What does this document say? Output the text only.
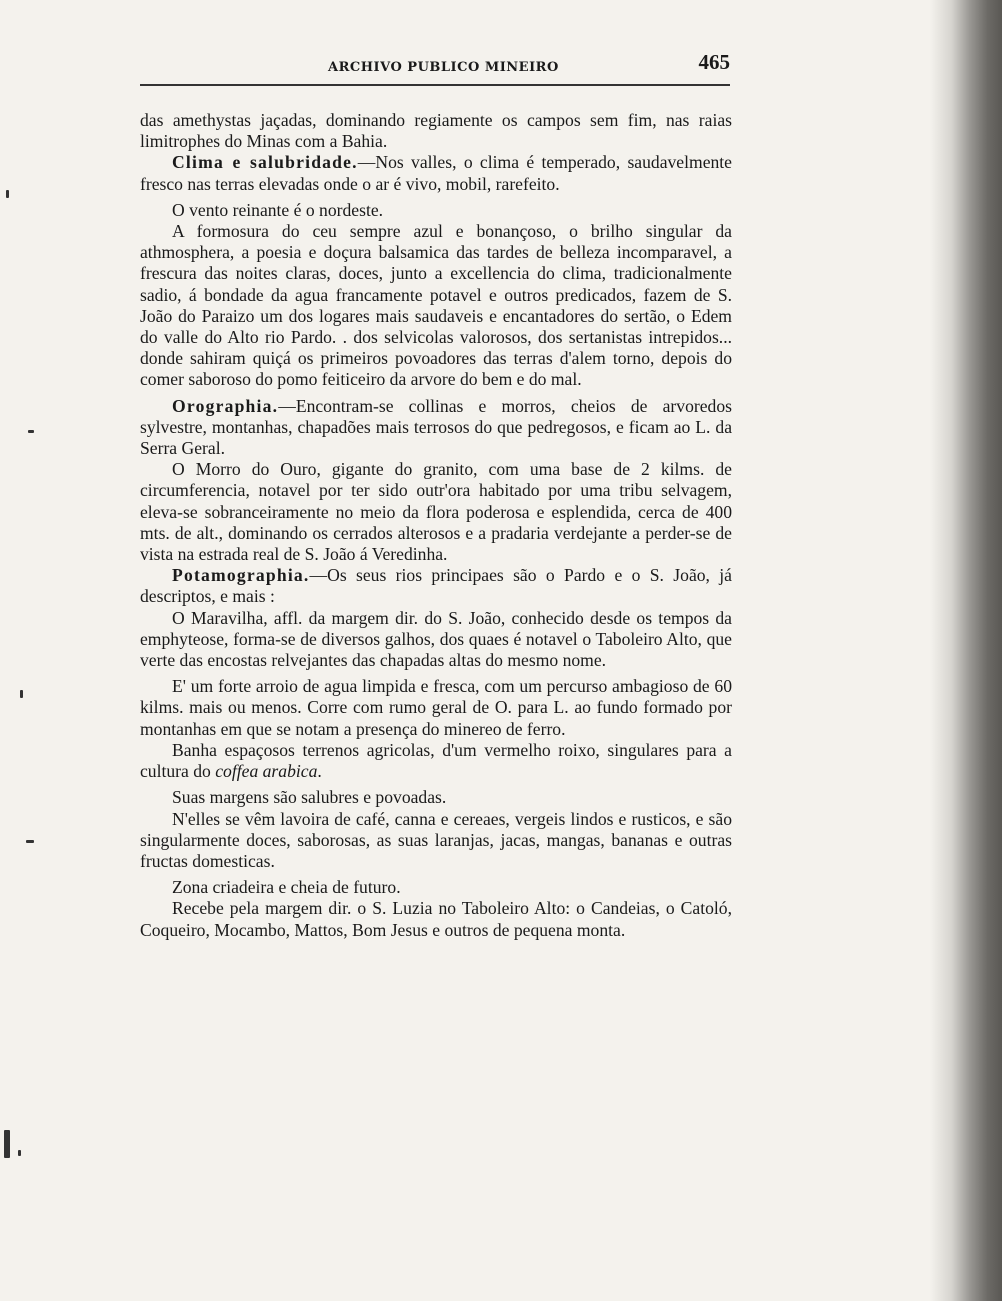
ARCHIVO PUBLICO MINEIRO	465

das amethystas jaçadas, dominando regiamente os campos sem fim, nas raias limitrophes do Minas com a Bahia.

Clima e salubridade.—Nos valles, o clima é temperado, saudavelmente fresco nas terras elevadas onde o ar é vivo, mobil, rarefeito.

O vento reinante é o nordeste.

A formosura do ceu sempre azul e bonançoso, o brilho singular da athmosphera, a poesia e doçura balsamica das tardes de belleza incomparavel, a frescura das noites claras, doces, junto a excellencia do clima, tradicionalmente sadio, á bondade da agua francamente potavel e outros predicados, fazem de S. João do Paraizo um dos logares mais saudaveis e encantadores do sertão, o Edem do valle do Alto rio Pardo. . dos selvicolas valorosos, dos sertanistas intrepidos... donde sahiram quiçá os primeiros povoadores das terras d'alem torno, depois do comer saboroso do pomo feiticeiro da arvore do bem e do mal.

Orographia.—Encontram-se collinas e morros, cheios de arvoredos sylvestre, montanhas, chapadões mais terrosos do que pedregosos, e ficam ao L. da Serra Geral.

O Morro do Ouro, gigante do granito, com uma base de 2 kilms. de circumferencia, notavel por ter sido outr'ora habitado por uma tribu selvagem, eleva-se sobranceiramente no meio da flora poderosa e esplendida, cerca de 400 mts. de alt., dominando os cerrados alterosos e a pradaria verdejante a perder-se de vista na estrada real de S. João á Veredinha.

Potamographia.—Os seus rios principaes são o Pardo e o S. João, já descriptos, e mais :

O Maravilha, affl. da margem dir. do S. João, conhecido desde os tempos da emphyteose, forma-se de diversos galhos, dos quaes é notavel o Taboleiro Alto, que verte das encostas relvejantes das chapadas altas do mesmo nome.

E' um forte arroio de agua limpida e fresca, com um percurso ambagioso de 60 kilms. mais ou menos. Corre com rumo geral de O. para L. ao fundo formado por montanhas em que se notam a presença do minereo de ferro.

Banha espaçosos terrenos agricolas, d'um vermelho roixo, singulares para a cultura do coffea arabica.

Suas margens são salubres e povoadas.

N'elles se vêm lavoira de café, canna e cereaes, vergeis lindos e rusticos, e são singularmente doces, saborosas, as suas laranjas, jacas, mangas, bananas e outras fructas domesticas.

Zona criadeira e cheia de futuro.

Recebe pela margem dir. o S. Luzia no Taboleiro Alto: o Candeias, o Catoló, Coqueiro, Mocambo, Mattos, Bom Jesus e outros de pequena monta.
